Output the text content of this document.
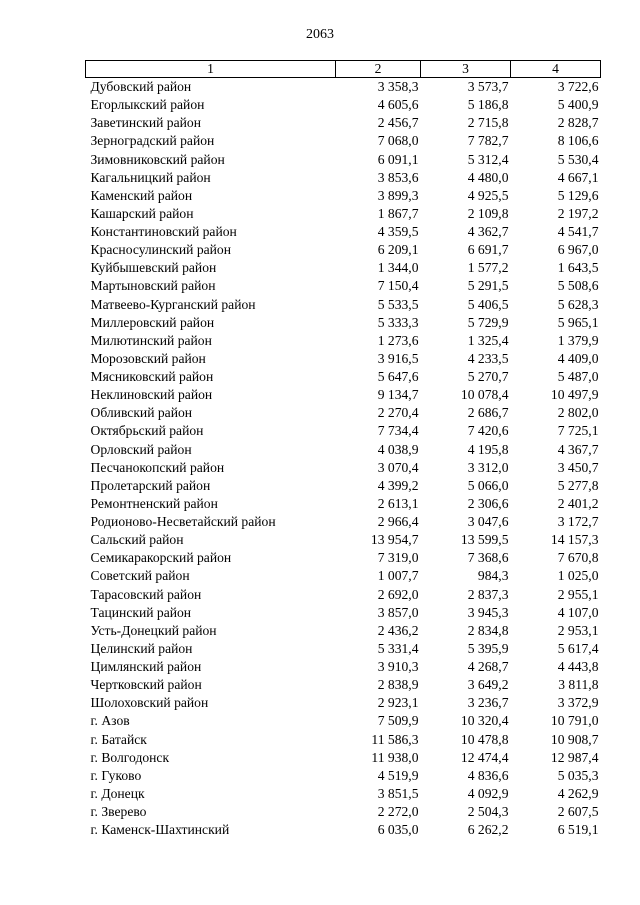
2063
1	2	3	4
Дубовский район	3 358,3	3 573,7	3 722,6
Егорлыкский район	4 605,6	5 186,8	5 400,9
Заветинский район	2 456,7	2 715,8	2 828,7
Зерноградский район	7 068,0	7 782,7	8 106,6
Зимовниковский район	6 091,1	5 312,4	5 530,4
Кагальницкий район	3 853,6	4 480,0	4 667,1
Каменский район	3 899,3	4 925,5	5 129,6
Кашарский район	1 867,7	2 109,8	2 197,2
Константиновский район	4 359,5	4 362,7	4 541,7
Красносулинский район	6 209,1	6 691,7	6 967,0
Куйбышевский район	1 344,0	1 577,2	1 643,5
Мартыновский район	7 150,4	5 291,5	5 508,6
Матвеево-Курганский район	5 533,5	5 406,5	5 628,3
Миллеровский район	5 333,3	5 729,9	5 965,1
Милютинский район	1 273,6	1 325,4	1 379,9
Морозовский район	3 916,5	4 233,5	4 409,0
Мясниковский район	5 647,6	5 270,7	5 487,0
Неклиновский район	9 134,7	10 078,4	10 497,9
Обливский район	2 270,4	2 686,7	2 802,0
Октябрьский район	7 734,4	7 420,6	7 725,1
Орловский район	4 038,9	4 195,8	4 367,7
Песчанокопский район	3 070,4	3 312,0	3 450,7
Пролетарский район	4 399,2	5 066,0	5 277,8
Ремонтненский район	2 613,1	2 306,6	2 401,2
Родионово-Несветайский район	2 966,4	3 047,6	3 172,7
Сальский район	13 954,7	13 599,5	14 157,3
Семикаракорский район	7 319,0	7 368,6	7 670,8
Советский район	1 007,7	984,3	1 025,0
Тарасовский район	2 692,0	2 837,3	2 955,1
Тацинский район	3 857,0	3 945,3	4 107,0
Усть-Донецкий район	2 436,2	2 834,8	2 953,1
Целинский район	5 331,4	5 395,9	5 617,4
Цимлянский район	3 910,3	4 268,7	4 443,8
Чертковский район	2 838,9	3 649,2	3 811,8
Шолоховский район	2 923,1	3 236,7	3 372,9
г. Азов	7 509,9	10 320,4	10 791,0
г. Батайск	11 586,3	10 478,8	10 908,7
г. Волгодонск	11 938,0	12 474,4	12 987,4
г. Гуково	4 519,9	4 836,6	5 035,3
г. Донецк	3 851,5	4 092,9	4 262,9
г. Зверево	2 272,0	2 504,3	2 607,5
г. Каменск-Шахтинский	6 035,0	6 262,2	6 519,1
